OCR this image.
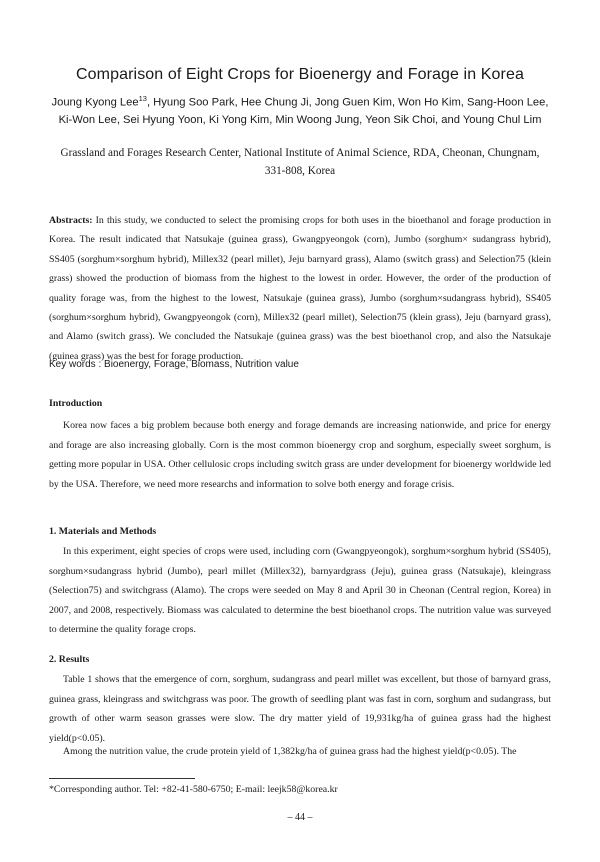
Comparison of Eight Crops for Bioenergy and Forage in Korea
Joung Kyong Lee$^{13}$, Hyung Soo Park, Hee Chung Ji, Jong Guen Kim, Won Ho Kim, Sang-Hoon Lee, Ki-Won Lee, Sei Hyung Yoon, Ki Yong Kim, Min Woong Jung, Yeon Sik Choi, and Young Chul Lim
Grassland and Forages Research Center, National Institute of Animal Science, RDA, Cheonan, Chungnam,
331-808, Korea
Abstracts: In this study, we conducted to select the promising crops for both uses in the bioethanol and forage production in Korea. The result indicated that Natsukaje (guinea grass), Gwangpyeongok (corn), Jumbo (sorghum× sudangrass hybrid), SS405 (sorghum×sorghum hybrid), Millex32 (pearl millet), Jeju barnyard grass), Alamo (switch grass) and Selection75 (klein grass) showed the production of biomass from the highest to the lowest in order. However, the order of the production of quality forage was, from the highest to the lowest, Natsukaje (guinea grass), Jumbo (sorghum×sudangrass hybrid), SS405 (sorghum×sorghum hybrid), Gwangpyeongok (corn), Millex32 (pearl millet), Selection75 (klein grass), Jeju (barnyard grass), and Alamo (switch grass). We concluded the Natsukaje (guinea grass) was the best bioethanol crop, and also the Natsukaje (guinea grass) was the best for forage production.
Key words : Bioenergy, Forage, Biomass, Nutrition value
Introduction
Korea now faces a big problem because both energy and forage demands are increasing nationwide, and price for energy and forage are also increasing globally. Corn is the most common bioenergy crop and sorghum, especially sweet sorghum, is getting more popular in USA. Other cellulosic crops including switch grass are under development for bioenergy worldwide led by the USA. Therefore, we need more researchs and information to solve both energy and forage crisis.
1. Materials and Methods
In this experiment, eight species of crops were used, including corn (Gwangpyeongok), sorghum×sorghum hybrid (SS405), sorghum×sudangrass hybrid (Jumbo), pearl millet (Millex32), barnyardgrass (Jeju), guinea grass (Natsukaje), kleingrass (Selection75) and switchgrass (Alamo). The crops were seeded on May 8 and April 30 in Cheonan (Central region, Korea) in 2007, and 2008, respectively. Biomass was calculated to determine the best bioethanol crops. The nutrition value was surveyed to determine the quality forage crops.
2. Results
Table 1 shows that the emergence of corn, sorghum, sudangrass and pearl millet was excellent, but those of barnyard grass, guinea grass, kleingrass and switchgrass was poor. The growth of seedling plant was fast in corn, sorghum and sudangrass, but growth of other warm season grasses were slow. The dry matter yield of 19,931kg/ha of guinea grass had the highest yield(p<0.05).
Among the nutrition value, the crude protein yield of 1,382kg/ha of guinea grass had the highest yield(p<0.05). The
*Corresponding author. Tel: +82-41-580-6750; E-mail: leejk58@korea.kr
– 44 –
